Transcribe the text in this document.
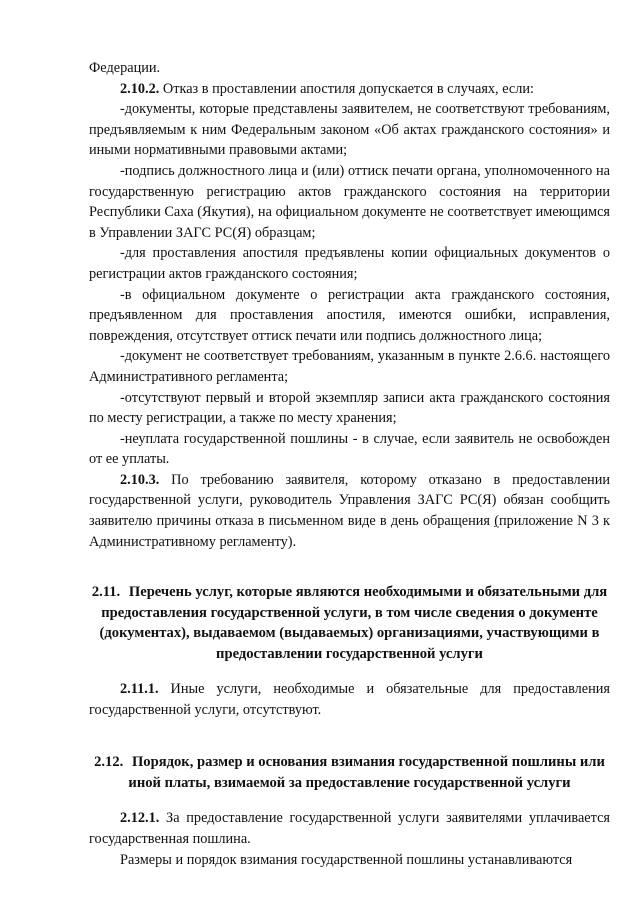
Федерации.

2.10.2. Отказ в проставлении апостиля допускается в случаях, если:

-документы, которые представлены заявителем, не соответствуют требованиям, предъявляемым к ним Федеральным законом «Об актах гражданского состояния» и иными нормативными правовыми актами;

-подпись должностного лица и (или) оттиск печати органа, уполномоченного на государственную регистрацию актов гражданского состояния на территории Республики Саха (Якутия), на официальном документе не соответствует имеющимся в Управлении ЗАГС РС(Я) образцам;

-для проставления апостиля предъявлены копии официальных документов о регистрации актов гражданского состояния;

-в официальном документе о регистрации акта гражданского состояния, предъявленном для проставления апостиля, имеются ошибки, исправления, повреждения, отсутствует оттиск печати или подпись должностного лица;

-документ не соответствует требованиям, указанным в пункте 2.6.6. настоящего Административного регламента;

-отсутствуют первый и второй экземпляр записи акта гражданского состояния по месту регистрации, а также по месту хранения;

-неуплата государственной пошлины - в случае, если заявитель не освобожден от ее уплаты.

2.10.3. По требованию заявителя, которому отказано в предоставлении государственной услуги, руководитель Управления ЗАГС РС(Я) обязан сообщить заявителю причины отказа в письменном виде в день обращения (приложение N 3 к Административному регламенту).

2.11. Перечень услуг, которые являются необходимыми и обязательными для предоставления государственной услуги, в том числе сведения о документе (документах), выдаваемом (выдаваемых) организациями, участвующими в предоставлении государственной услуги

2.11.1. Иные услуги, необходимые и обязательные для предоставления государственной услуги, отсутствуют.

2.12. Порядок, размер и основания взимания государственной пошлины или иной платы, взимаемой за предоставление государственной услуги

2.12.1. За предоставление государственной услуги заявителями уплачивается государственная пошлина.

Размеры и порядок взимания государственной пошлины устанавливаются
